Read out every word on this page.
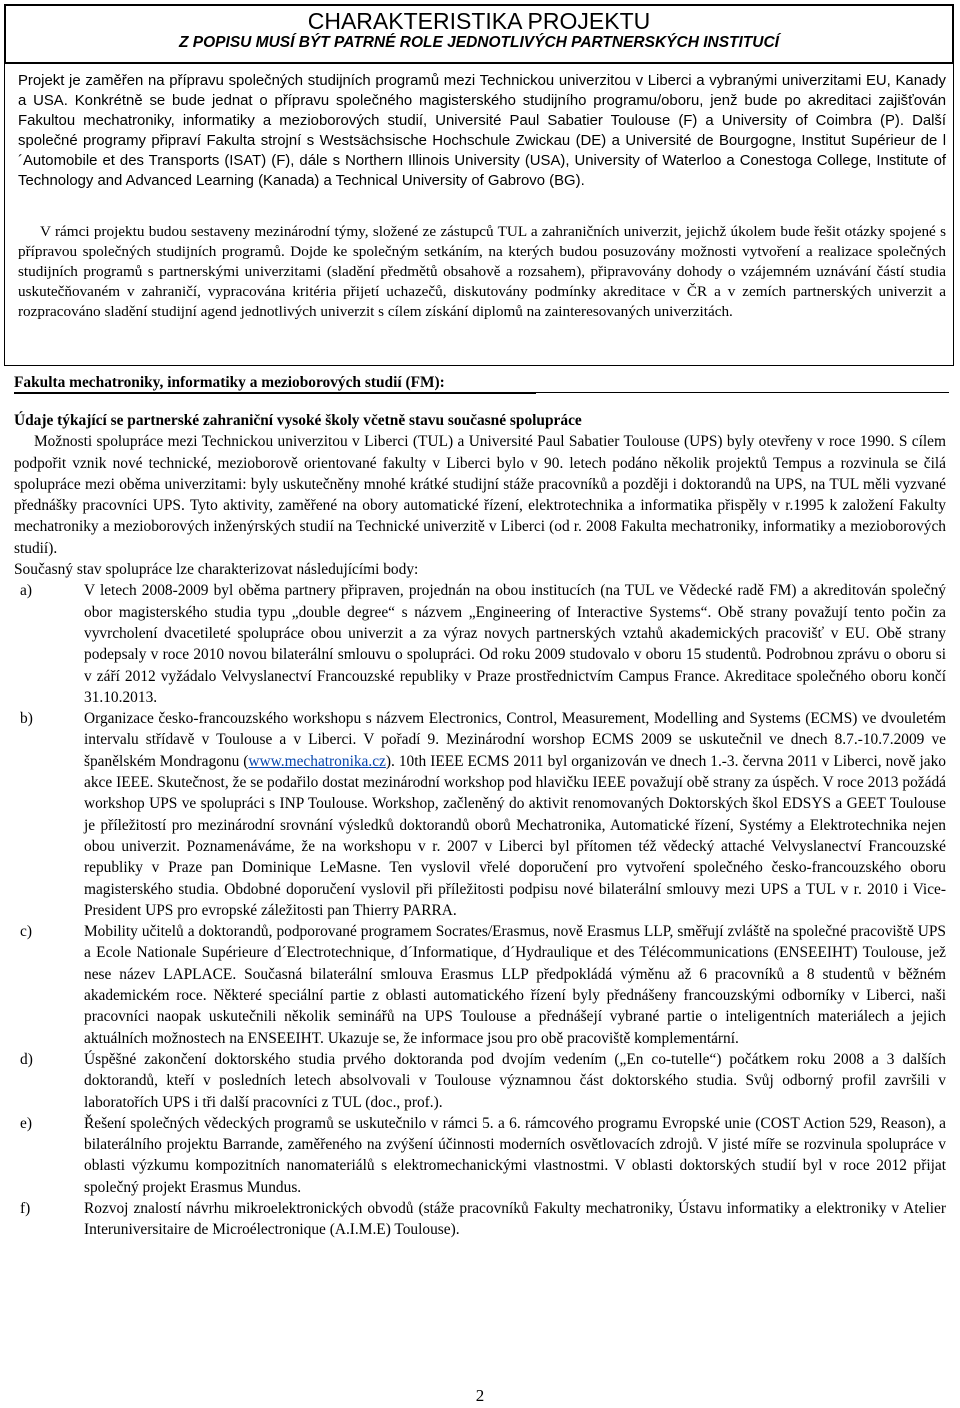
CHARAKTERISTIKA PROJEKTU
Z POPISU MUSÍ BÝT PATRNÉ ROLE JEDNOTLIVÝCH PARTNERSKÝCH INSTITUCÍ

Projekt je zaměřen na přípravu společných studijních programů mezi Technickou univerzitou v Liberci a vybranými univerzitami EU, Kanady a USA. Konkrétně se bude jednat o přípravu společného magisterského studijního programu/oboru, jenž bude po akreditaci zajišťován Fakultou mechatroniky, informatiky a mezioborových studií, Université Paul Sabatier Toulouse (F) a University of Coimbra (P). Další společné programy připraví Fakulta strojní s Westsächsische Hochschule Zwickau (DE) a Université de Bourgogne, Institut Supérieur de l´Automobile et des Transports (ISAT) (F), dále s Northern Illinois University (USA), University of Waterloo a Conestoga College, Institute of Technology and Advanced Learning (Kanada) a Technical University of Gabrovo (BG).

V rámci projektu budou sestaveny mezinárodní týmy, složené ze zástupců TUL a zahraničních univerzit, jejichž úkolem bude řešit otázky spojené s přípravou společných studijních programů. Dojde ke společným setkáním, na kterých budou posuzovány možnosti vytvoření a realizace společných studijních programů s partnerskými univerzitami (sladění předmětů obsahově a rozsahem), připravovány dohody o vzájemném uznávání částí studia uskutečňovaném v zahraničí, vypracována kritéria přijetí uchazečů, diskutovány podmínky akreditace v ČR a v zemích partnerských univerzit a rozpracováno sladění studijní agend jednotlivých univerzit s cílem získání diplomů na zainteresovaných univerzitách.

Fakulta mechatroniky, informatiky a mezioborových studií (FM):
Údaje týkající se partnerské zahraniční vysoké školy včetně stavu současné spolupráce
Možnosti spolupráce mezi Technickou univerzitou v Liberci (TUL) a Université Paul Sabatier Toulouse (UPS) byly otevřeny v roce 1990. S cílem podpořit vznik nové technické, mezioborově orientované fakulty v Liberci bylo v 90. letech podáno několik projektů Tempus a rozvinula se čilá spolupráce mezi oběma univerzitami: byly uskutečněny mnohé krátké studijní stáže pracovníků a později i doktorandů na UPS, na TUL měli vyzvané přednášky pracovníci UPS. Tyto aktivity, zaměřené na obory automatické řízení, elektrotechnika a informatika přispěly v r.1995 k založení Fakulty mechatroniky a mezioborových inženýrských studií na Technické univerzitě v Liberci (od r. 2008 Fakulta mechatroniky, informatiky a mezioborových studií).
Současný stav spolupráce lze charakterizovat následujícími body:
a)	V letech 2008-2009 byl oběma partnery připraven, projednán na obou institucích (na TUL ve Vědecké radě FM) a akreditován společný obor magisterského studia typu „double degree“ s názvem „Engineering of Interactive Systems“. Obě strany považují tento počin za vyvrcholení dvacetileté spolupráce obou univerzit a za výraz novych partnerských vztahů akademických pracovišť v EU. Obě strany podepsaly v roce 2010 novou bilaterální smlouvu o spolupráci. Od roku 2009 studovalo v oboru 15 studentů. Podrobnou zprávu o oboru si v září 2012 vyžádalo Velvyslanectví Francouzské republiky v Praze prostřednictvím Campus France. Akreditace společného oboru končí 31.10.2013.
b)	Organizace česko-francouzského workshopu s názvem Electronics, Control, Measurement, Modelling and Systems (ECMS) ve dvouletém intervalu střídavě v Toulouse a v Liberci. V pořadí 9. Mezinárodní worshop ECMS 2009 se uskutečnil ve dnech 8.7.-10.7.2009 ve španělském Mondragonu (www.mechatronika.cz). 10th IEEE ECMS 2011 byl organizován ve dnech 1.-3. června 2011 v Liberci, nově jako akce IEEE. Skutečnost, že se podařilo dostat mezinárodní workshop pod hlavičku IEEE považují obě strany za úspěch. V roce 2013 požádá workshop UPS ve spolupráci s INP Toulouse. Workshop, začleněný do aktivit renomovaných Doktorských škol EDSYS a GEET Toulouse je příležitostí pro mezinárodní srovnání výsledků doktorandů oborů Mechatronika, Automatické řízení, Systémy a Elektrotechnika nejen obou univerzit. Poznamenáváme, že na workshopu v r. 2007 v Liberci byl přítomen též vědecký attaché Velvyslanectví Francouzské republiky v Praze pan Dominique LeMasne. Ten vyslovil vřelé doporučení pro vytvoření společného česko-francouzského oboru magisterského studia. Obdobné doporučení vyslovil při příležitosti podpisu nové bilaterální smlouvy mezi UPS a TUL v r. 2010 i Vice-President UPS pro evropské záležitosti pan Thierry PARRA.
c)	Mobility učitelů a doktorandů, podporované programem Socrates/Erasmus, nově Erasmus LLP, směřují zvláště na společné pracoviště UPS a Ecole Nationale Supérieure d´Electrotechnique, d´Informatique, d´Hydraulique et des Télécommunications (ENSEEIHT) Toulouse, jež nese název LAPLACE. Současná bilaterální smlouva Erasmus LLP předpokládá výměnu až 6 pracovníků a 8 studentů v běžném akademickém roce. Některé speciální partie z oblasti automatického řízení byly přednášeny francouzskými odborníky v Liberci, naši pracovníci naopak uskutečnili několik seminářů na UPS Toulouse a přednášejí vybrané partie o inteligentních materiálech a jejich aktuálních možnostech na ENSEEIHT. Ukazuje se, že informace jsou pro obě pracoviště komplementární.
d)	Úspěšné zakončení doktorského studia prvého doktoranda pod dvojím vedením („En co-tutelle“) počátkem roku 2008 a 3 dalších doktorandů, kteří v posledních letech absolvovali v Toulouse významnou část doktorského studia. Svůj odborný profil završili v laboratořích UPS i tři další pracovníci z TUL (doc., prof.).
e)	Řešení společných vědeckých programů se uskutečnilo v rámci 5. a 6. rámcového programu Evropské unie (COST Action 529, Reason), a bilaterálního projektu Barrande, zaměřeného na zvýšení účinnosti moderních osvětlovacích zdrojů. V jisté míře se rozvinula spolupráce v oblasti výzkumu kompozitních nanomateriálů s elektromechanickými vlastnostmi. V oblasti doktorských studií byl v roce 2012 přijat společný projekt Erasmus Mundus.
f)	Rozvoj znalostí návrhu mikroelektronických obvodů (stáže pracovníků Fakulty mechatroniky, Ústavu informatiky a elektroniky v Atelier Interuniversitaire de Microélectronique (A.I.M.E) Toulouse).
2
